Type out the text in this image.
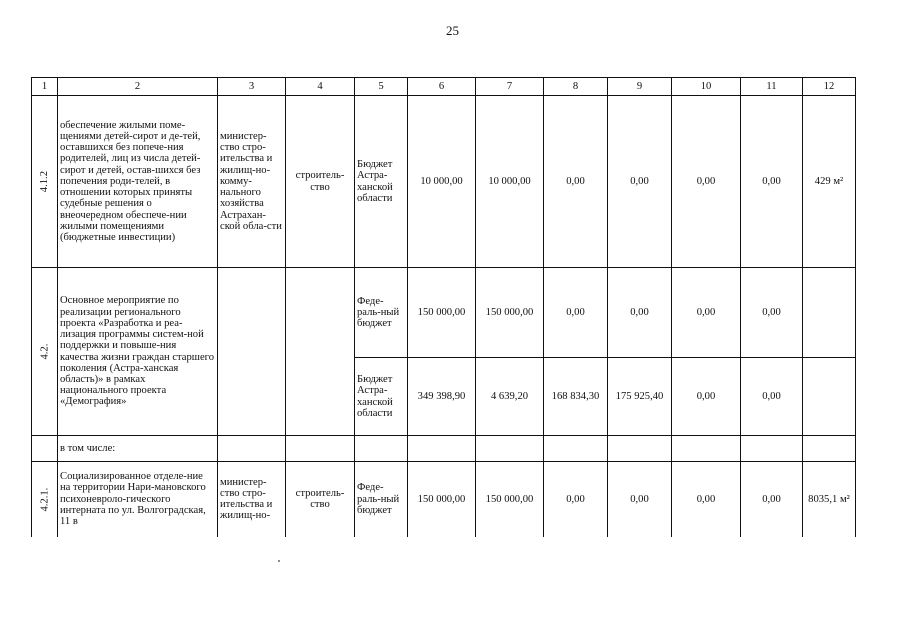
25
1	2	3	4	5	6	7	8	9	10	11	12

4.1.2	обеспечение жилыми поме-щениями детей-сирот и де-тей, оставшихся без попече-ния родителей, лиц из числа детей-сирот и детей, остав-шихся без попечения роди-телей, в отношении которых приняты судебные решения о внеочередном обеспече-нии жилыми помещениями (бюджетные инвестиции)	министер-ство стро-ительства и жилищ-но-комму-нального хозяйства Астрахан-ской обла-сти	строитель-ство	Бюджет Астра-ханской области	10 000,00	10 000,00	0,00	0,00	0,00	0,00	429 м²

4.2.	Основное мероприятие по реализации регионального проекта «Разработка и реа-лизация программы систем-ной поддержки и повыше-ния качества жизни граждан старшего поколения (Астра-ханская область)» в рамках национального проекта «Демография»			Феде-раль-ный бюджет	150 000,00	150 000,00	0,00	0,00	0,00	0,00	
				Бюджет Астра-ханской области	349 398,90	4 639,20	168 834,30	175 925,40	0,00	0,00	
	в том числе:										

4.2.1.	Социализированное отделе-ние на территории Нари-мановского психоневроло-гического интерната по ул. Волгоградская, 11 в	министер-ство стро-ительства и жилищ-но-	строитель-ство	Феде-раль-ный бюджет	150 000,00	150 000,00	0,00	0,00	0,00	0,00	8035,1 м²
